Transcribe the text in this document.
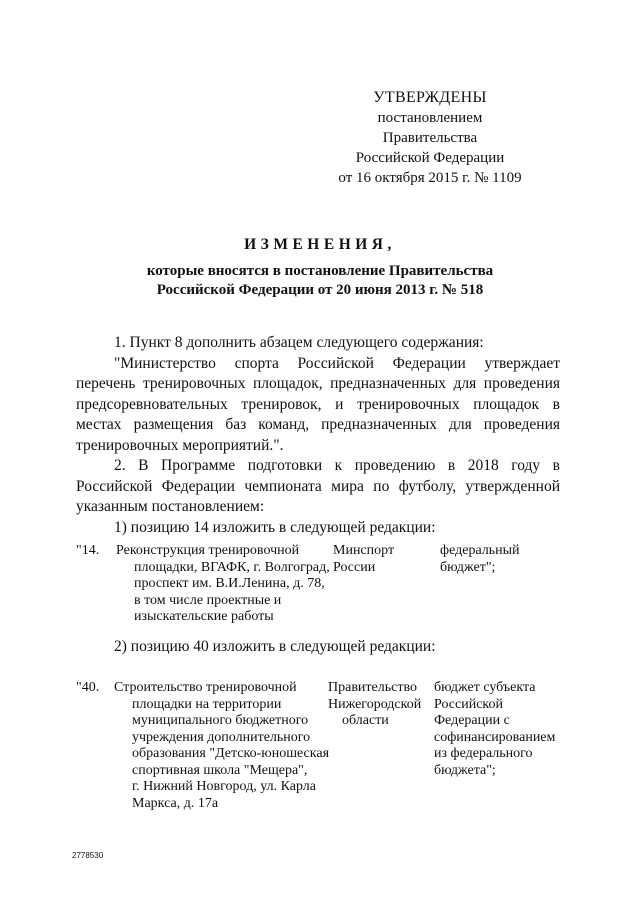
УТВЕРЖДЕНЫ
постановлением Правительства
Российской Федерации
от 16 октября 2015 г. № 1109
ИЗМЕНЕНИЯ,
которые вносятся в постановление Правительства
Российской Федерации от 20 июня 2013 г. № 518

1. Пункт 8 дополнить абзацем следующего содержания:

"Министерство спорта Российской Федерации утверждает перечень тренировочных площадок, предназначенных для проведения предсоревновательных тренировок, и тренировочных площадок в местах размещения баз команд, предназначенных для проведения тренировочных мероприятий.".

2. В Программе подготовки к проведению в 2018 году в Российской Федерации чемпионата мира по футболу, утвержденной указанным постановлением:

1) позицию 14 изложить в следующей редакции:

"14. Реконструкция тренировочной
площадки, ВГАФК, г. Волгоград,
проспект им. В.И.Ленина, д. 78,
в том числе проектные и
изыскательские работы
Минспорт
России
федеральный
бюджет";
2) позицию 40 изложить в следующей редакции:
"40. Строительство тренировочной
площадки на территории
муниципального бюджетного
учреждения дополнительного
образования "Детско-юношеская
спортивная школа "Мещера",
г. Нижний Новгород, ул. Карла
Маркса, д. 17а
Правительство
Нижегородской
области
бюджет субъекта
Российской
Федерации с
софинансированием
из федерального
бюджета";
2778530
